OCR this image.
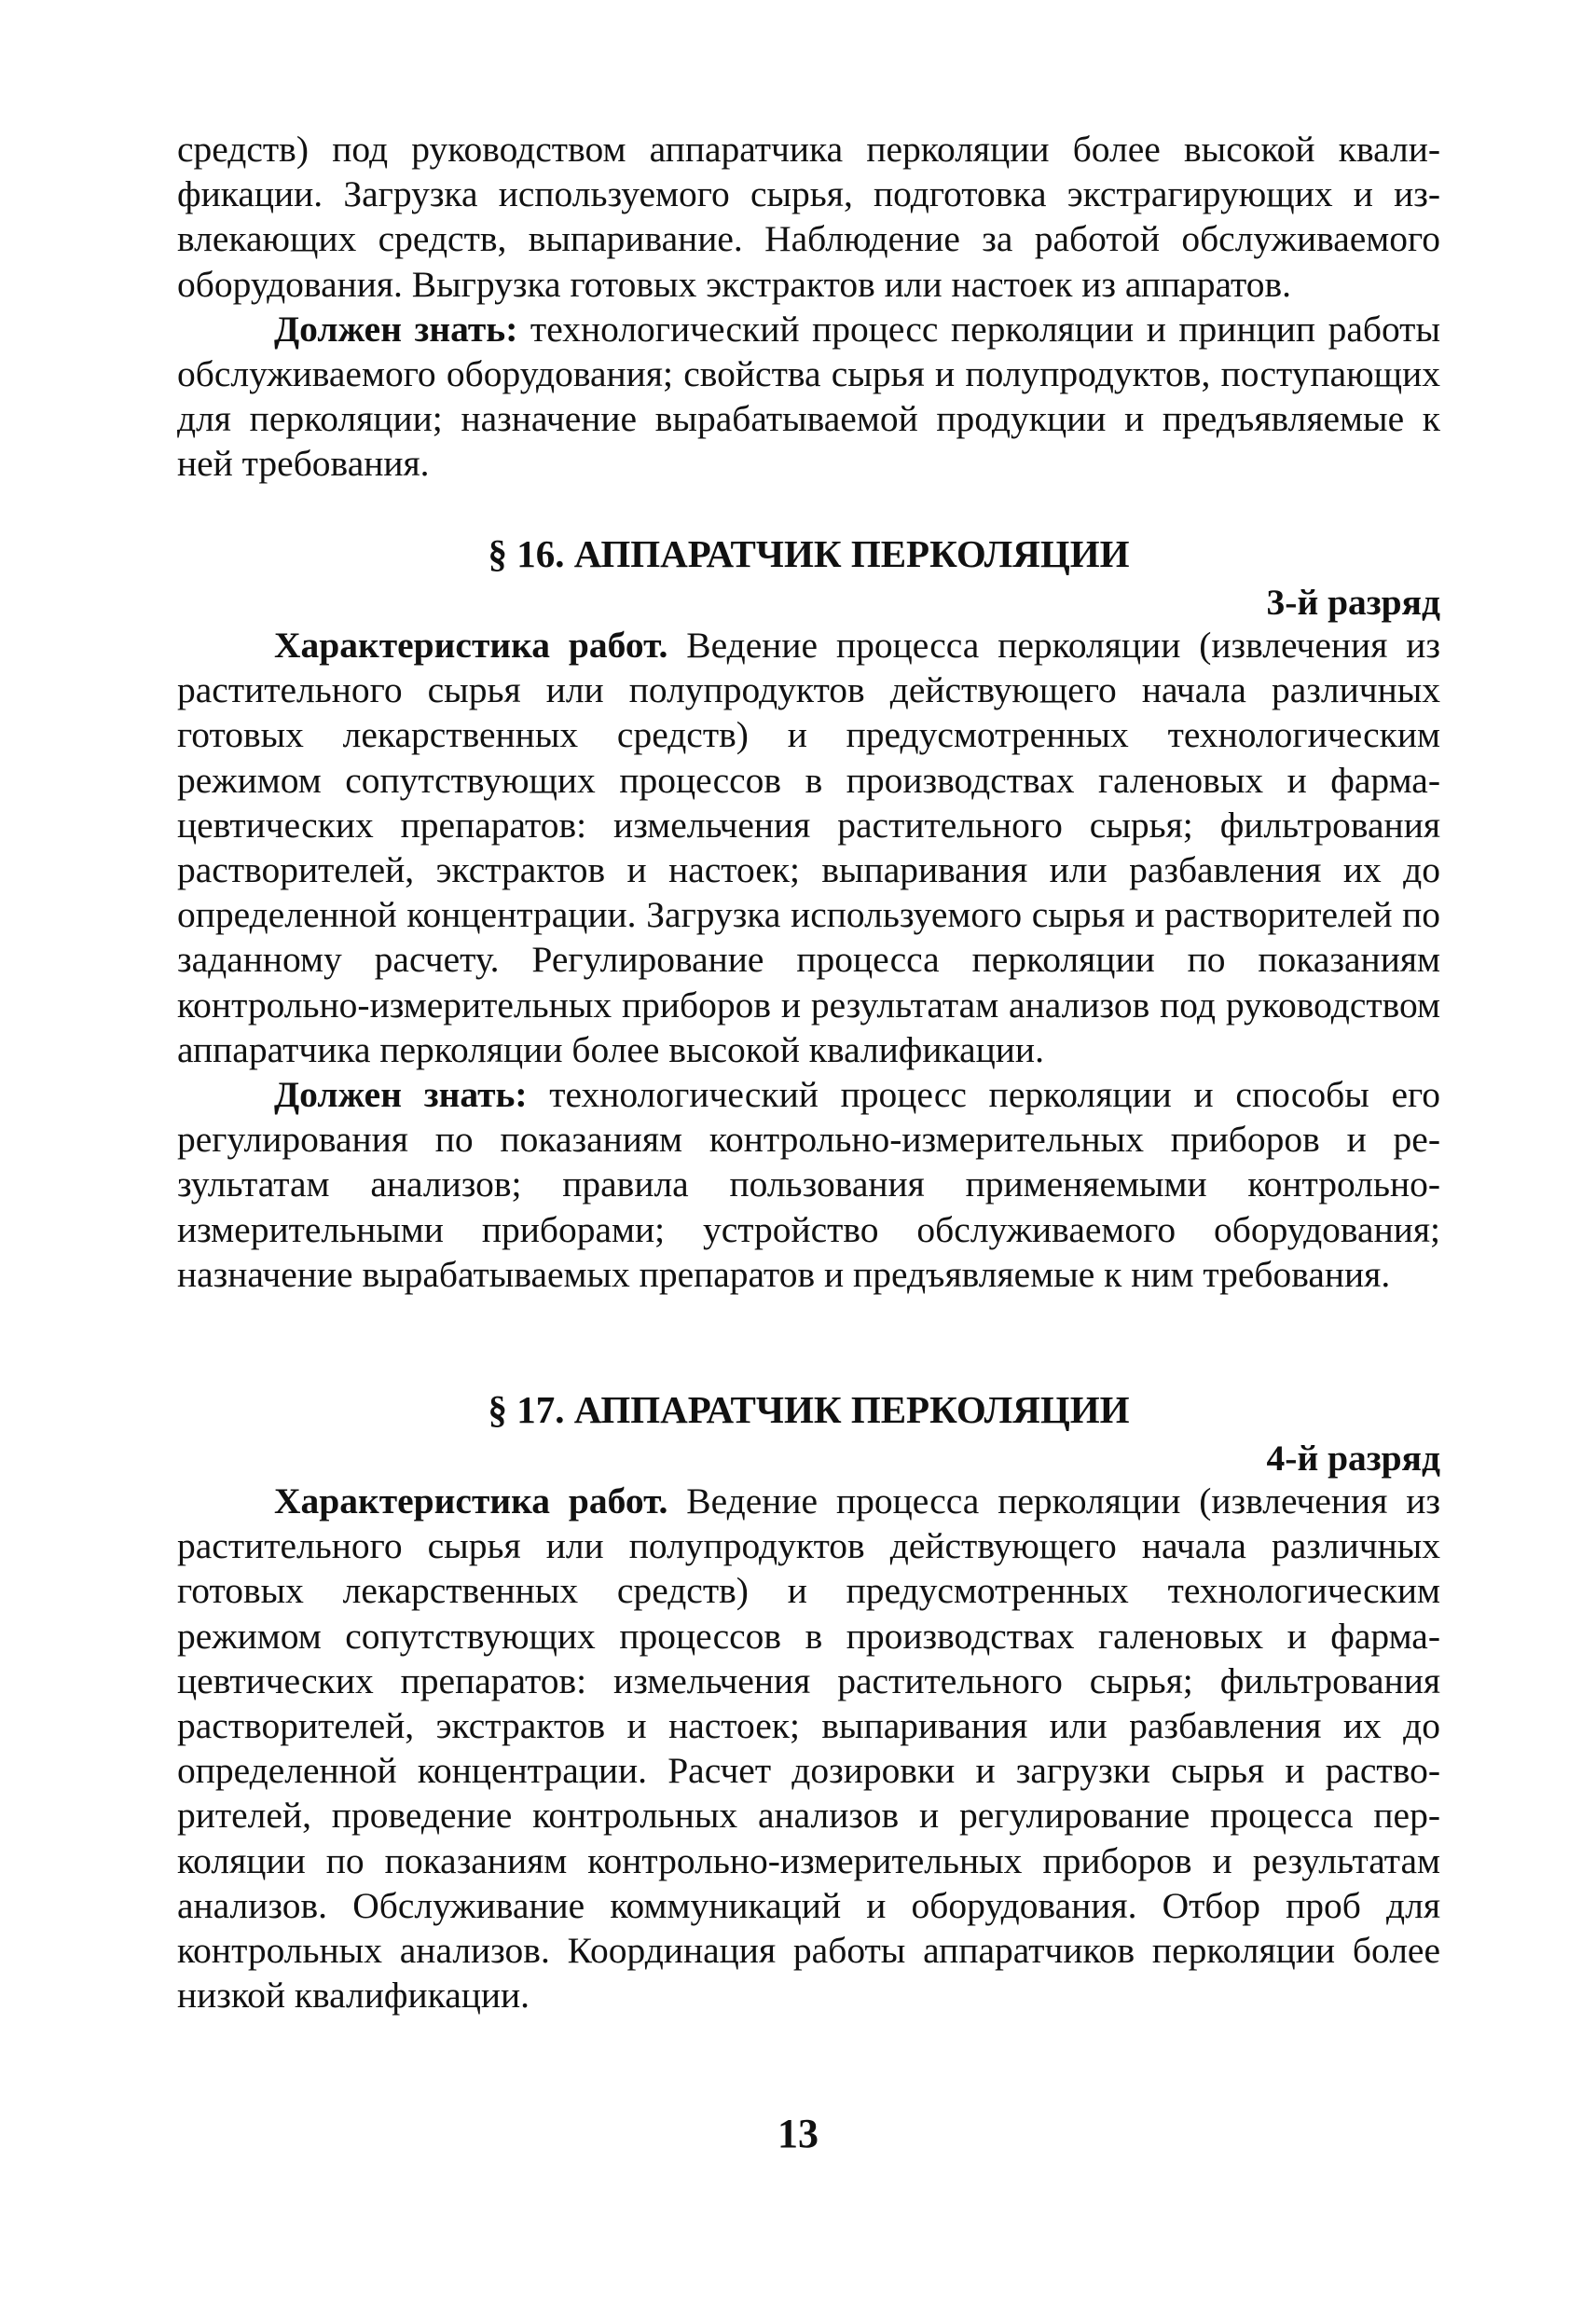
средств) под руководством аппаратчика перколяции более высокой квалификации. Загрузка используемого сырья, подготовка экстрагирующих и извлекающих средств, выпаривание. Наблюдение за работой обслуживаемого оборудования. Выгрузка готовых экстрактов или настоек из аппаратов.

Должен знать: технологический процесс перколяции и принцип работы обслуживаемого оборудования; свойства сырья и полупродуктов, поступающих для перколяции; назначение вырабатываемой продукции и предъявляемые к ней требования.

§ 16. АППАРАТЧИК ПЕРКОЛЯЦИИ
3-й разряд

Характеристика работ. Ведение процесса перколяции (извлечения из растительного сырья или полупродуктов действующего начала различных готовых лекарственных средств) и предусмотренных технологическим режимом сопутствующих процессов в производствах галеновых и фармацевтических препаратов: измельчения растительного сырья; фильтрования растворителей, экстрактов и настоек; выпаривания или разбавления их до определенной концентрации. Загрузка используемого сырья и растворителей по заданному расчету. Регулирование процесса перколяции по показаниям контрольно-измерительных приборов и результатам анализов под руководством аппаратчика перколяции более высокой квалификации.

Должен знать: технологический процесс перколяции и способы его регулирования по показаниям контрольно-измерительных приборов и результатам анализов; правила пользования применяемыми контрольно-измерительными приборами; устройство обслуживаемого оборудования; назначение вырабатываемых препаратов и предъявляемые к ним требования.

§ 17. АППАРАТЧИК ПЕРКОЛЯЦИИ
4-й разряд

Характеристика работ. Ведение процесса перколяции (извлечения из растительного сырья или полупродуктов действующего начала различных готовых лекарственных средств) и предусмотренных технологическим режимом сопутствующих процессов в производствах галеновых и фармацевтических препаратов: измельчения растительного сырья; фильтрования растворителей, экстрактов и настоек; выпаривания или разбавления их до определенной концентрации. Расчет дозировки и загрузки сырья и растворителей, проведение контрольных анализов и регулирование процесса перколяции по показаниям контрольно-измерительных приборов и результатам анализов. Обслуживание коммуникаций и оборудования. Отбор проб для контрольных анализов. Координация работы аппаратчиков перколяции более низкой квалификации.

13
